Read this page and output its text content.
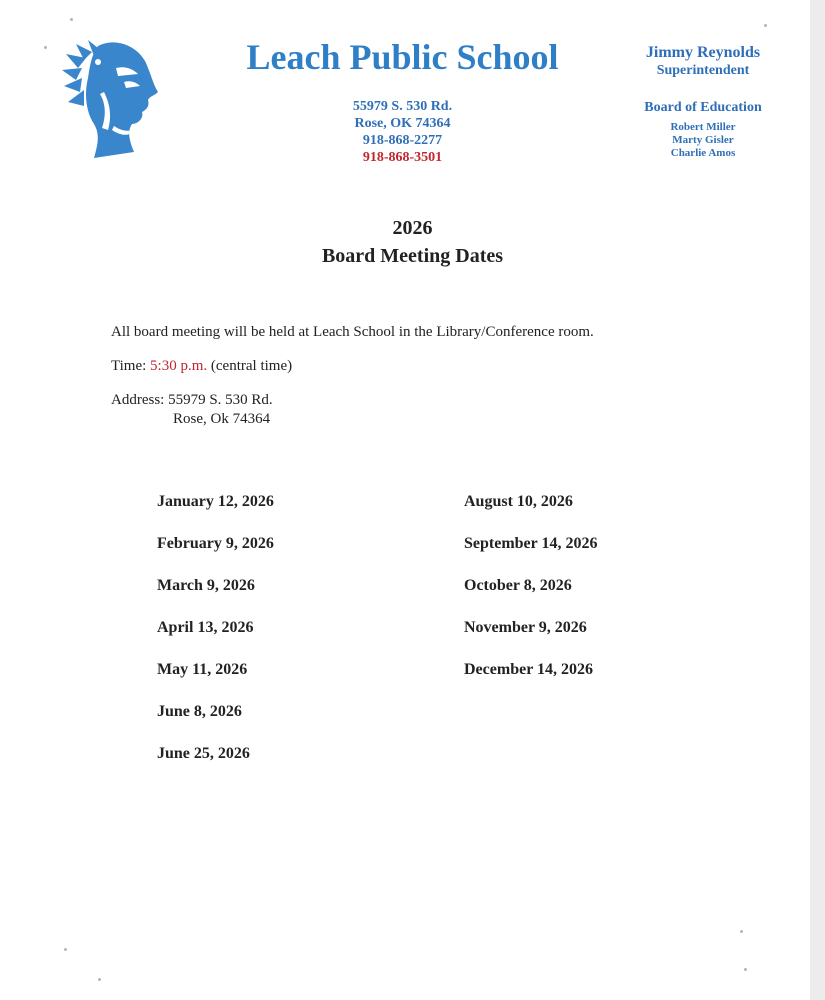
Leach Public School
55979 S. 530 Rd.
Rose, OK 74364
918-868-2277
918-868-3501
Jimmy Reynolds
Superintendent
Board of Education
Robert Miller
Marty Gisler
Charlie Amos
2026
Board Meeting Dates
All board meeting will be held at Leach School in the Library/Conference room.
Time: 5:30 p.m. (central time)
Address: 55979 S. 530 Rd.
Rose, Ok 74364
January 12, 2026
February 9, 2026
March 9, 2026
April 13, 2026
May 11, 2026
June 8, 2026
June 25, 2026
August 10, 2026
September 14, 2026
October 8, 2026
November 9, 2026
December 14, 2026
